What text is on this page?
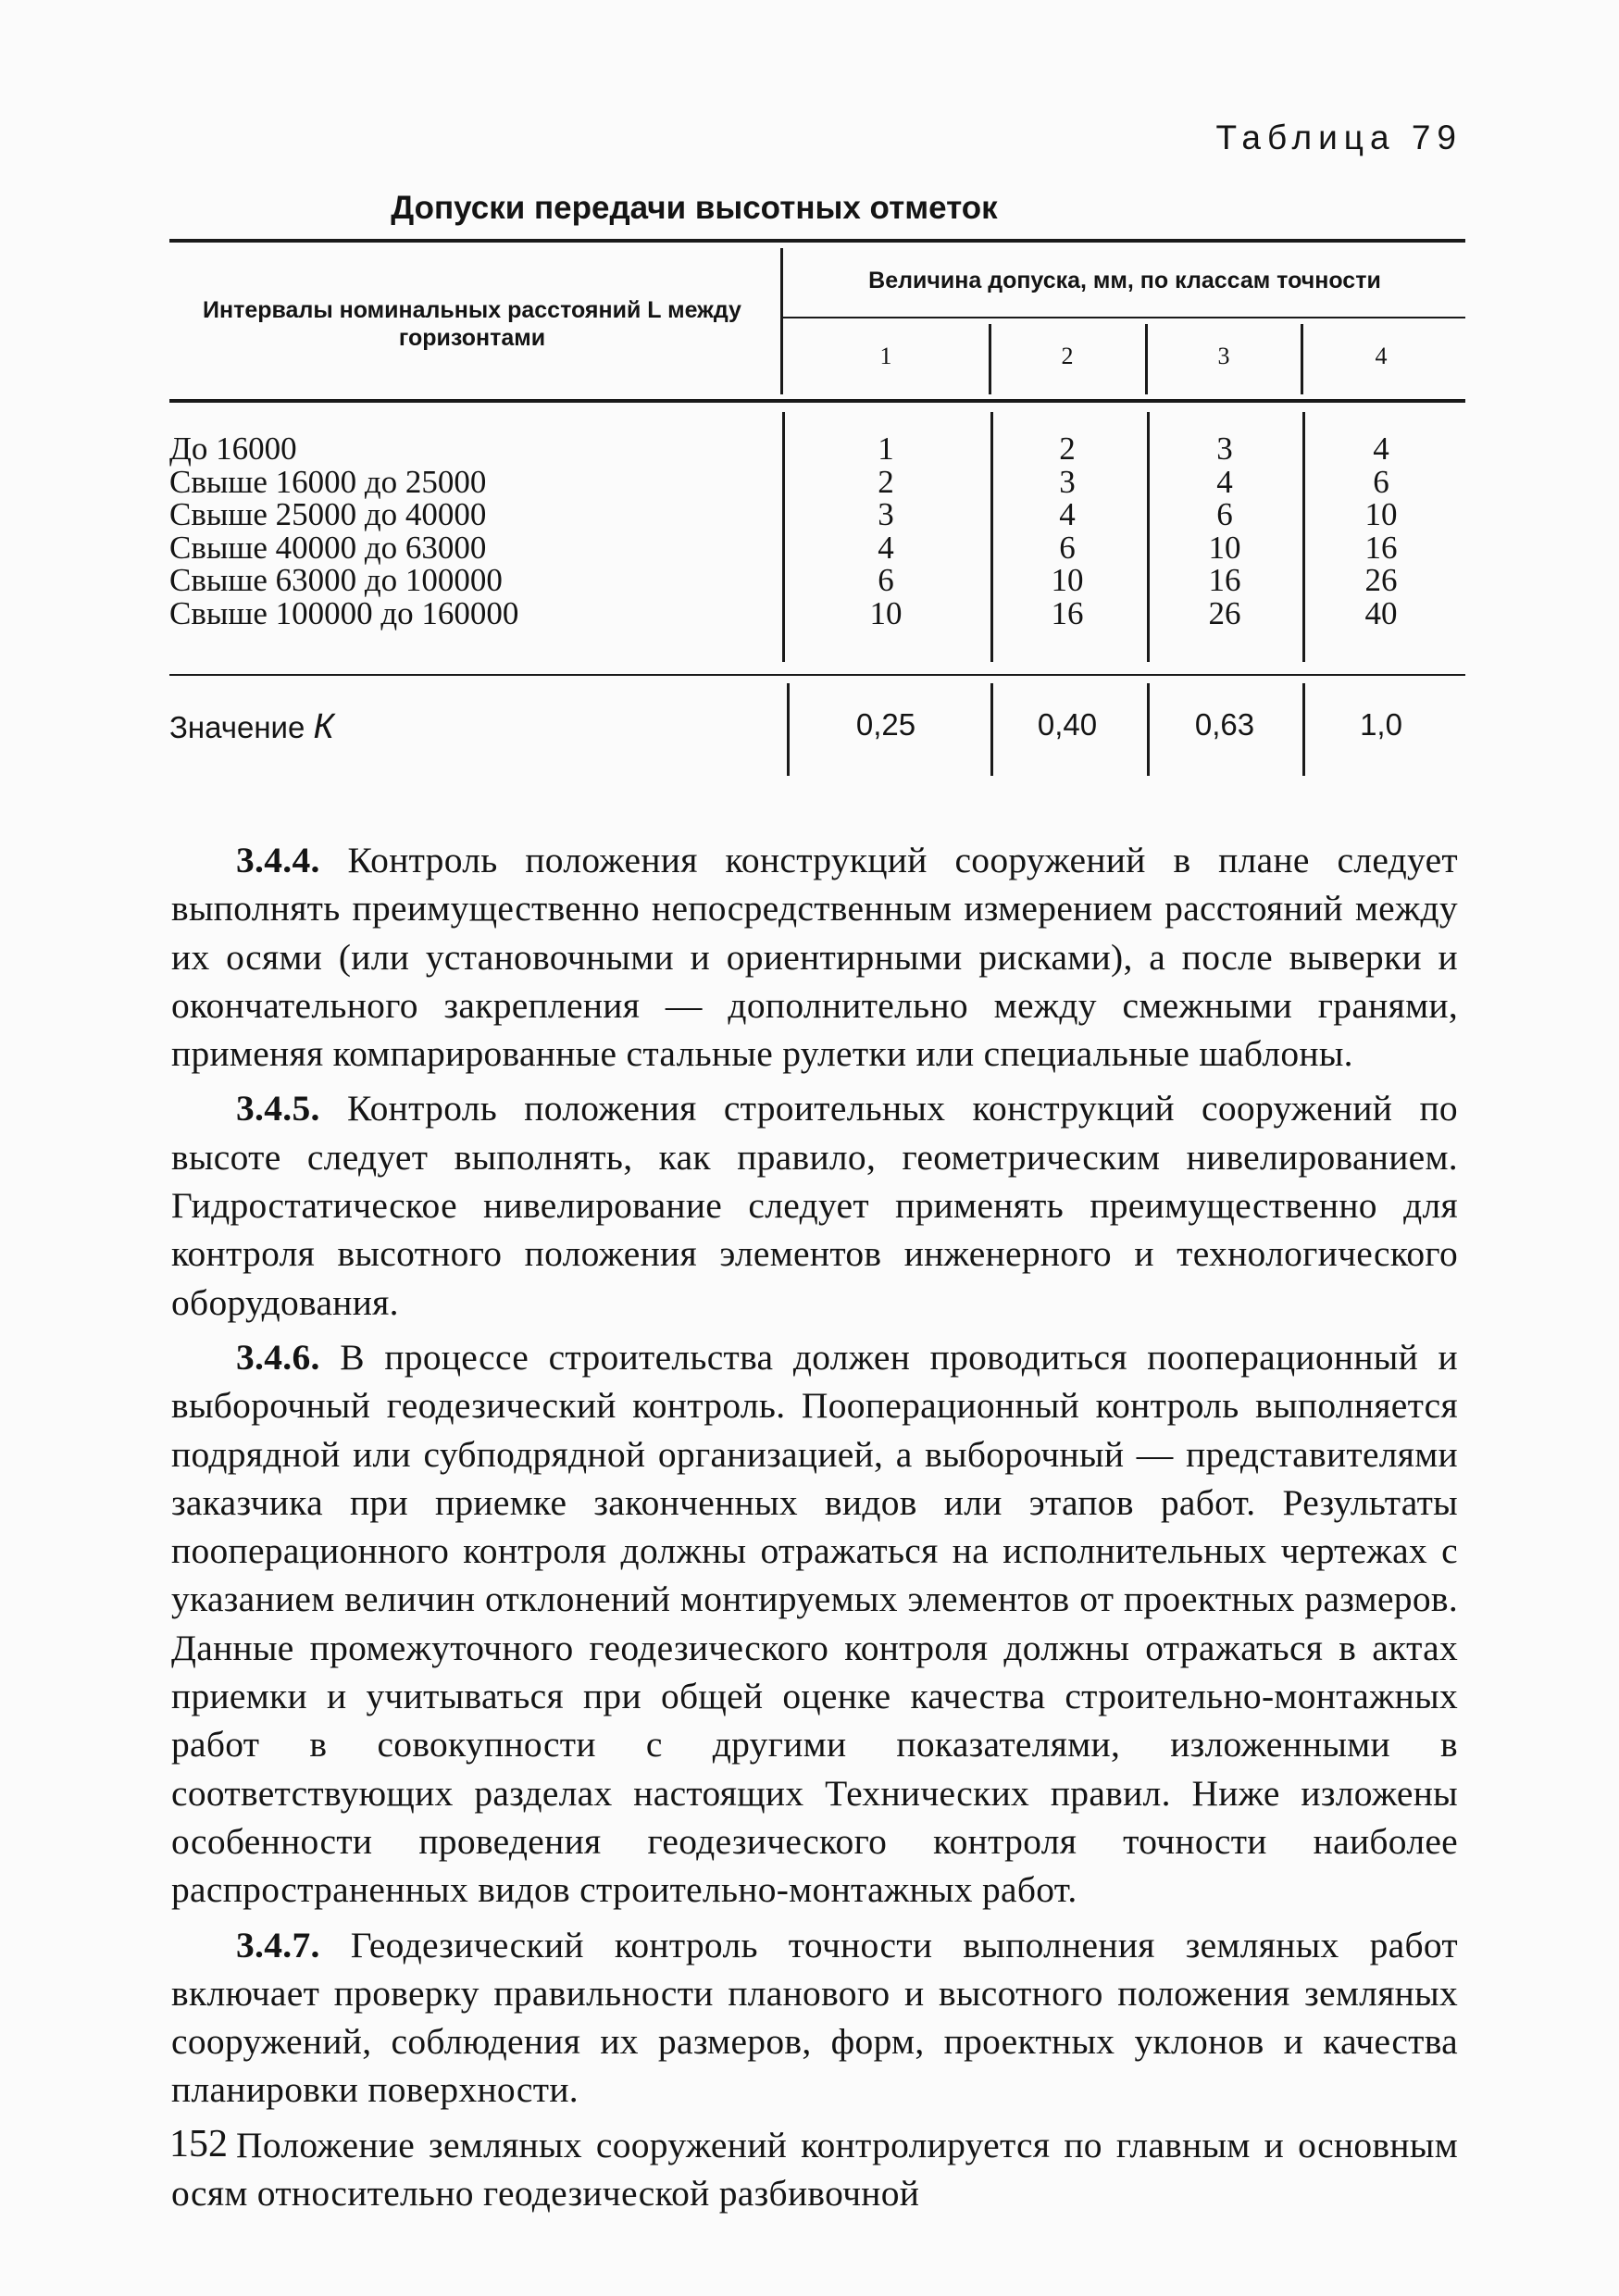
Таблица 79
Допуски передачи высотных отметок
Интервалы номинальных расстояний L между горизонтами
Величина допуска, мм, по классам точности
1	2	3	4
До 16000	1	2	3	4
Свыше 16000 до 25000	2	3	4	6
Свыше 25000 до 40000	3	4	6	10
Свыше 40000 до 63000	4	6	10	16
Свыше 63000 до 100000	6	10	16	26
Свыше 100000 до 160000	10	16	26	40
Значение К	0,25	0,40	0,63	1,0

3.4.4. Контроль положения конструкций сооружений в плане следует выполнять преимущественно непосредственным измерением расстояний между их осями (или установочными и ориентирными рисками), а после выверки и окончательного закрепления — дополнительно между смежными гранями, применяя компарированные стальные рулетки или специальные шаблоны.

3.4.5. Контроль положения строительных конструкций сооружений по высоте следует выполнять, как правило, геометрическим нивелированием. Гидростатическое нивелирование следует применять преимущественно для контроля высотного положения элементов инженерного и технологического оборудования.

3.4.6. В процессе строительства должен проводиться пооперационный и выборочный геодезический контроль. Пооперационный контроль выполняется подрядной или субподрядной организацией, а выборочный — представителями заказчика при приемке законченных видов или этапов работ. Результаты пооперационного контроля должны отражаться на исполнительных чертежах с указанием величин отклонений монтируемых элементов от проектных размеров. Данные промежуточного геодезического контроля должны отражаться в актах приемки и учитываться при общей оценке качества строительно-монтажных работ в совокупности с другими показателями, изложенными в соответствующих разделах настоящих Технических правил. Ниже изложены особенности проведения геодезического контроля точности наиболее распространенных видов строительно-монтажных работ.

3.4.7. Геодезический контроль точности выполнения земляных работ включает проверку правильности планового и высотного положения земляных сооружений, соблюдения их размеров, форм, проектных уклонов и качества планировки поверхности.

Положение земляных сооружений контролируется по главным и основным осям относительно геодезической разбивочной

152
